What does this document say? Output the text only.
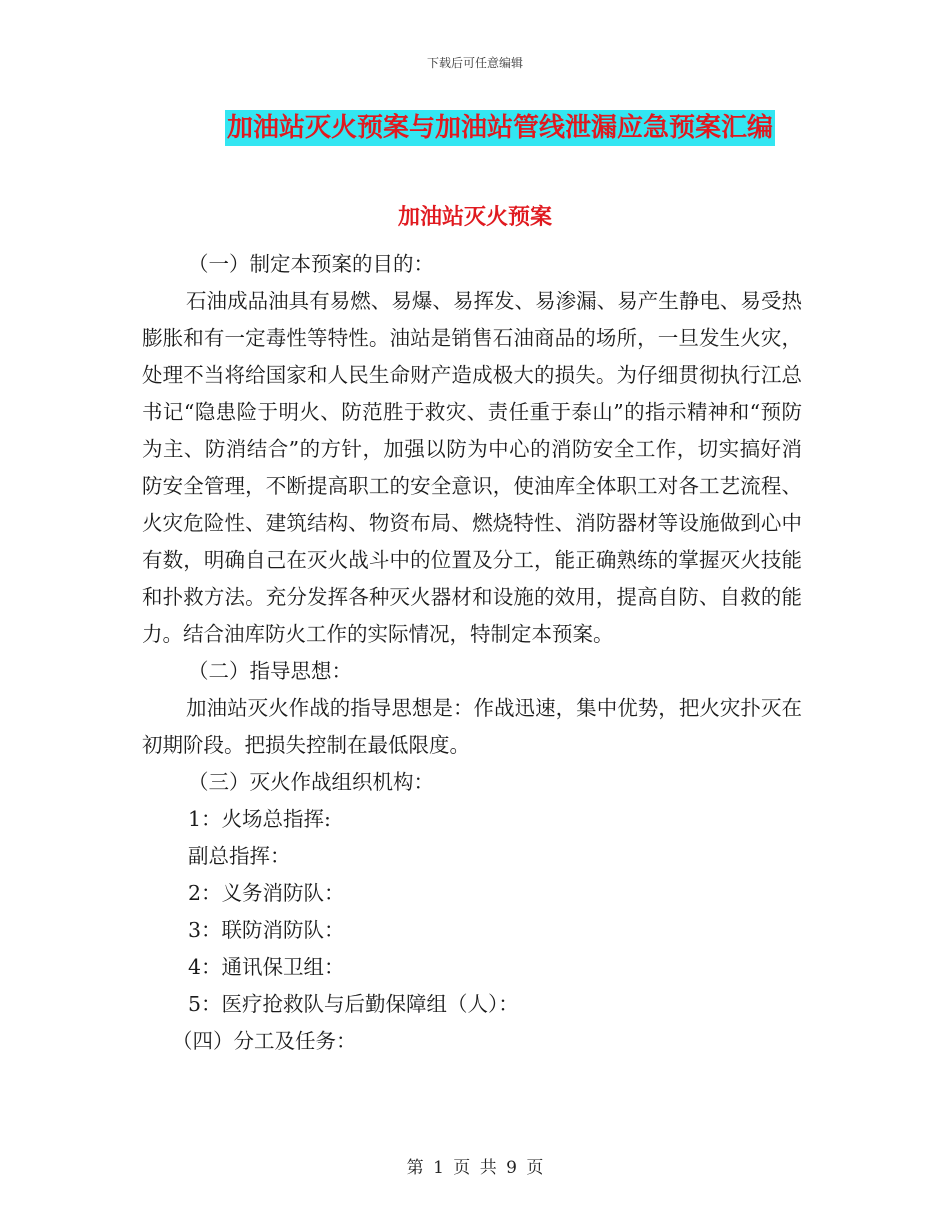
下载后可任意编辑
加油站灭火预案与加油站管线泄漏应急预案汇编
加油站灭火预案

（一）制定本预案的目的：

石油成品油具有易燃、易爆、易挥发、易渗漏、易产生静电、易受热膨胀和有一定毒性等特性。油站是销售石油商品的场所，一旦发生火灾，处理不当将给国家和人民生命财产造成极大的损失。为仔细贯彻执行江总书记“隐患险于明火、防范胜于救灾、责任重于泰山”的指示精神和“预防为主、防消结合”的方针，加强以防为中心的消防安全工作，切实搞好消防安全管理，不断提高职工的安全意识，使油库全体职工对各工艺流程、火灾危险性、建筑结构、物资布局、燃烧特性、消防器材等设施做到心中有数，明确自己在灭火战斗中的位置及分工，能正确熟练的掌握灭火技能和扑救方法。充分发挥各种灭火器材和设施的效用，提高自防、自救的能力。结合油库防火工作的实际情况，特制定本预案。

（二）指导思想：

加油站灭火作战的指导思想是：作战迅速，集中优势，把火灾扑灭在初期阶段。把损失控制在最低限度。

（三）灭火作战组织机构：

1：火场总指挥:

副总指挥：

2：义务消防队：

3：联防消防队：

4：通讯保卫组：

5：医疗抢救队与后勤保障组（人）：

（四）分工及任务：

第 1 页 共 9 页
